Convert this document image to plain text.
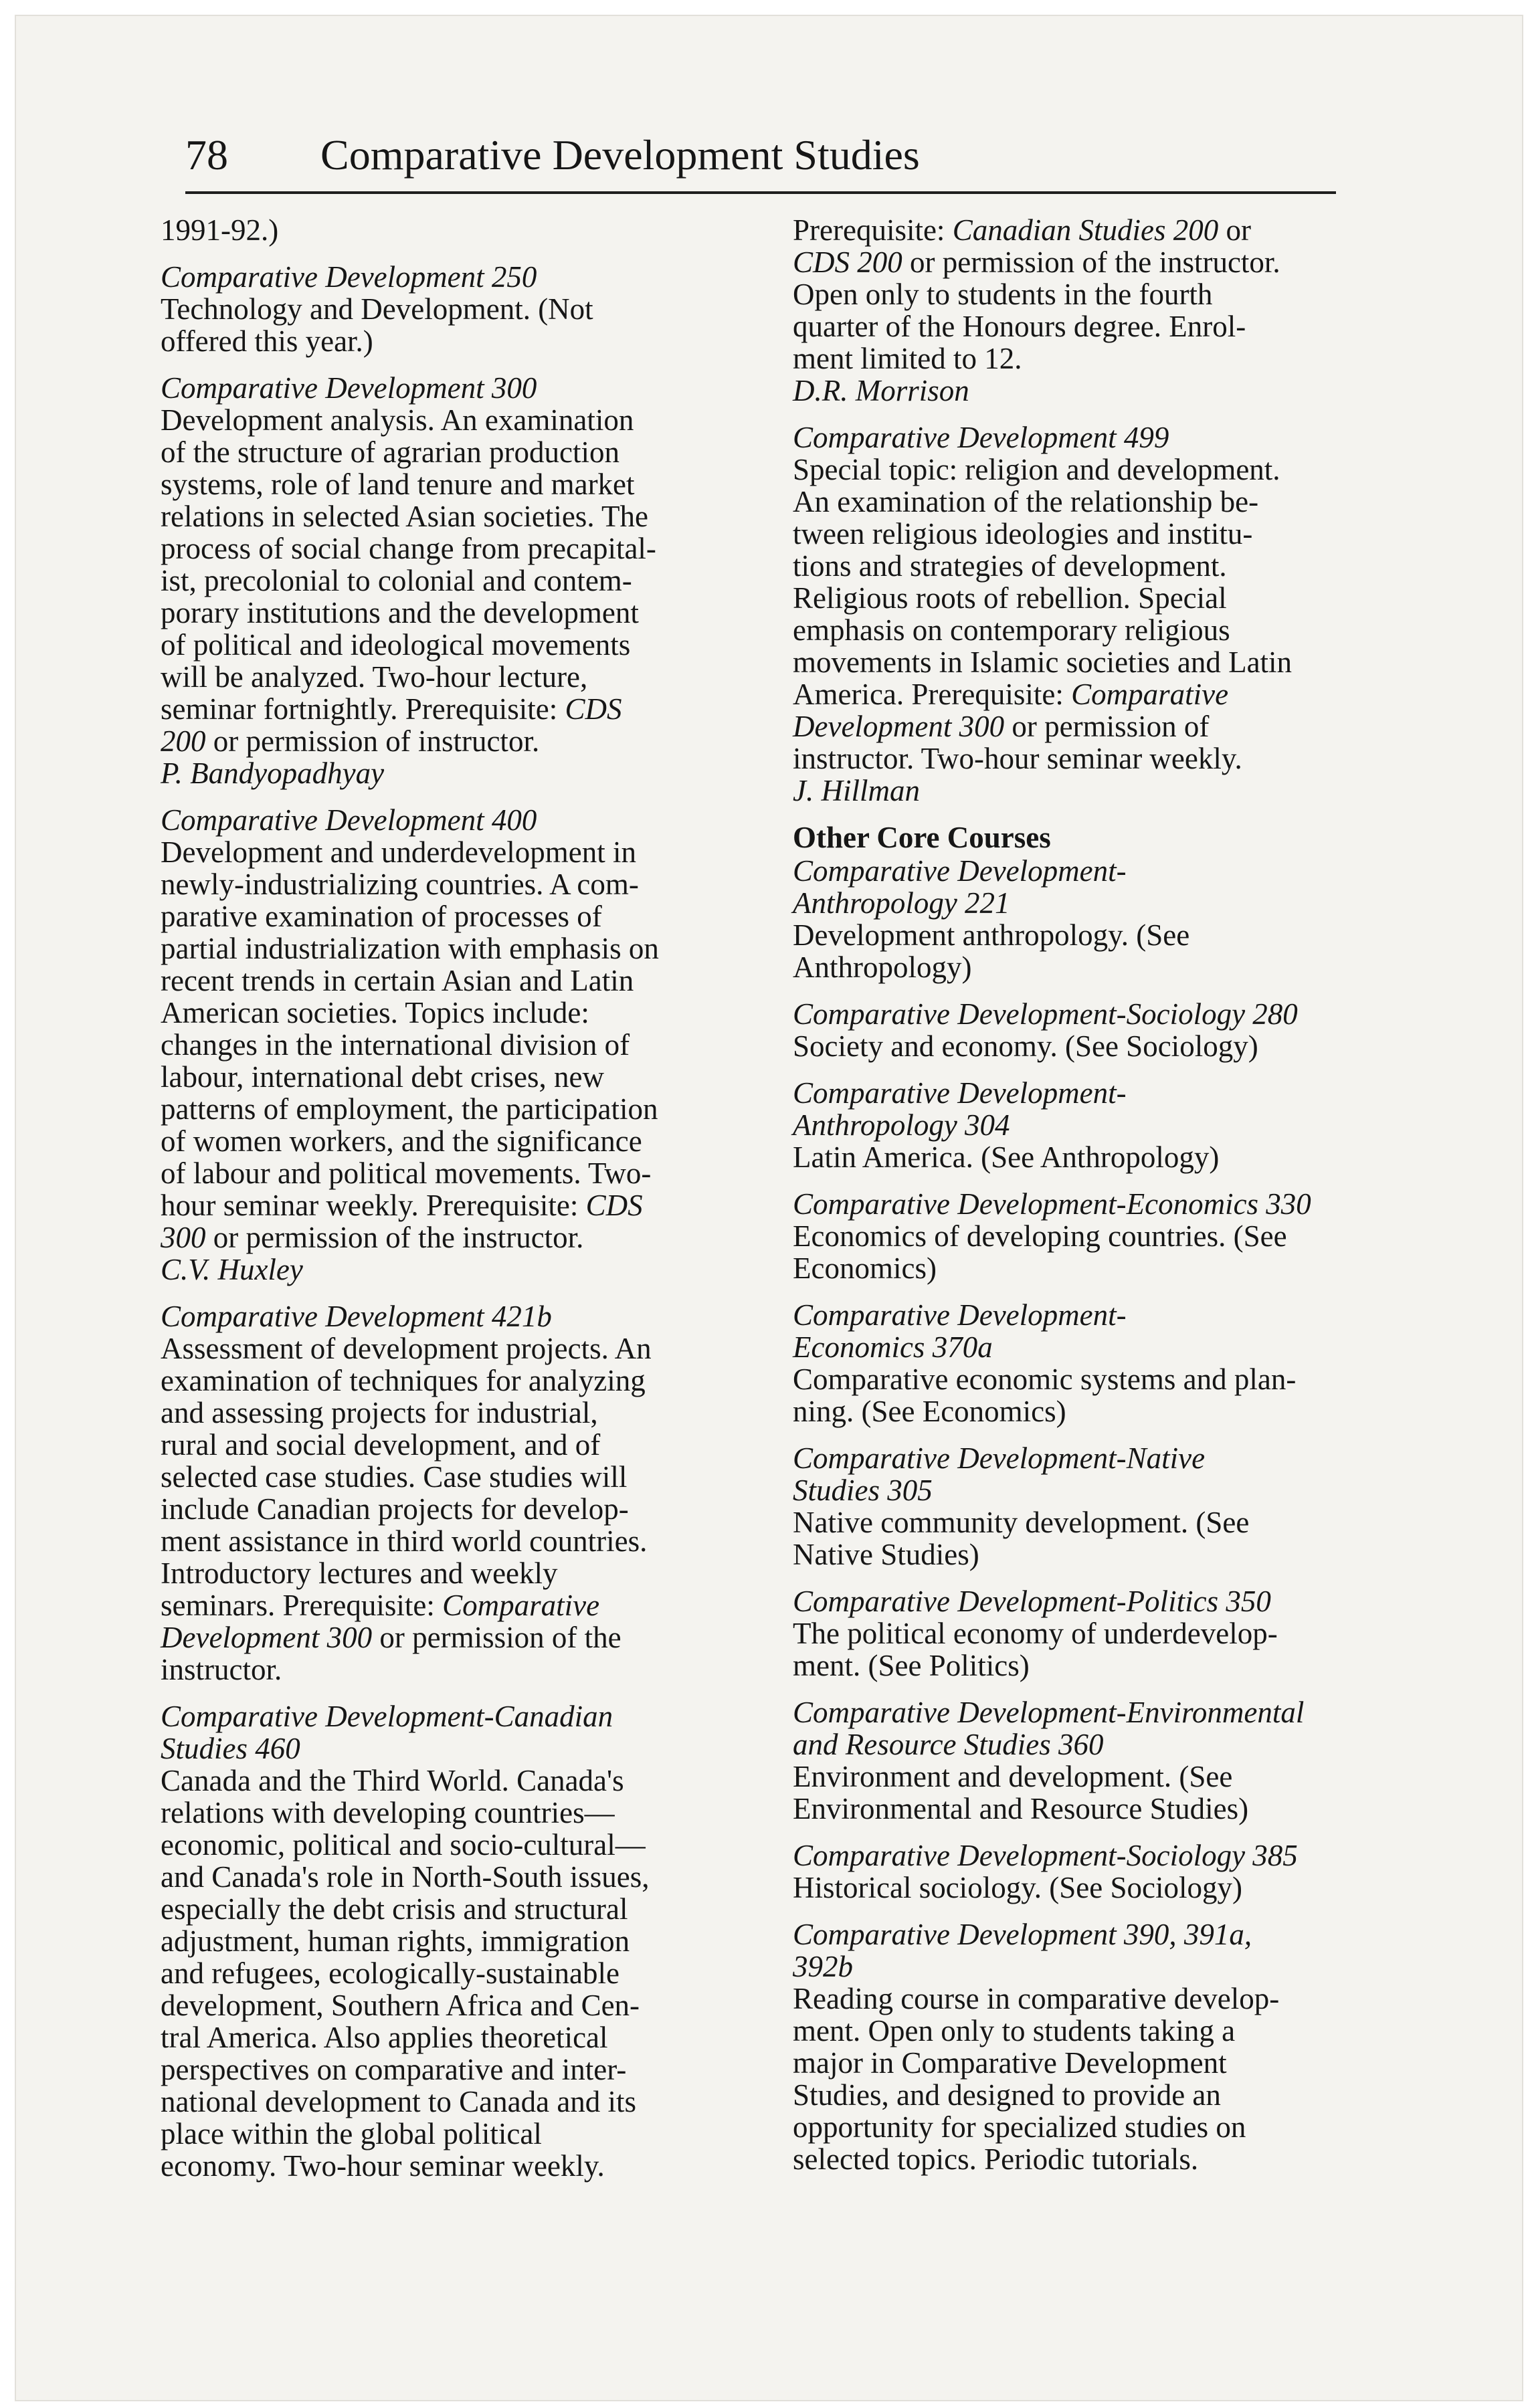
78 Comparative Development Studies
1991-92.)
Comparative Development 250
Technology and Development. (Not
offered this year.)
Comparative Development 300
Development analysis. An examination
of the structure of agrarian production
systems, role of land tenure and market
relations in selected Asian societies. The
process of social change from precapital-
ist, precolonial to colonial and contem-
porary institutions and the development
of political and ideological movements
will be analyzed. Two-hour lecture,
seminar fortnightly. Prerequisite: CDS
200 or permission of instructor.
P. Bandyopadhyay
Comparative Development 400
Development and underdevelopment in
newly-industrializing countries. A com-
parative examination of processes of
partial industrialization with emphasis on
recent trends in certain Asian and Latin
American societies. Topics include:
changes in the international division of
labour, international debt crises, new
patterns of employment, the participation
of women workers, and the significance
of labour and political movements. Two-
hour seminar weekly. Prerequisite: CDS
300 or permission of the instructor.
C.V. Huxley
Comparative Development 421b
Assessment of development projects. An
examination of techniques for analyzing
and assessing projects for industrial,
rural and social development, and of
selected case studies. Case studies will
include Canadian projects for develop-
ment assistance in third world countries.
Introductory lectures and weekly
seminars. Prerequisite: Comparative
Development 300 or permission of the
instructor.
Comparative Development-Canadian
Studies 460
Canada and the Third World. Canada's
relations with developing countries—
economic, political and socio-cultural—
and Canada's role in North-South issues,
especially the debt crisis and structural
adjustment, human rights, immigration
and refugees, ecologically-sustainable
development, Southern Africa and Cen-
tral America. Also applies theoretical
perspectives on comparative and inter-
national development to Canada and its
place within the global political
economy. Two-hour seminar weekly.
Prerequisite: Canadian Studies 200 or
CDS 200 or permission of the instructor.
Open only to students in the fourth
quarter of the Honours degree. Enrol-
ment limited to 12.
D.R. Morrison
Comparative Development 499
Special topic: religion and development.
An examination of the relationship be-
tween religious ideologies and institu-
tions and strategies of development.
Religious roots of rebellion. Special
emphasis on contemporary religious
movements in Islamic societies and Latin
America. Prerequisite: Comparative
Development 300 or permission of
instructor. Two-hour seminar weekly.
J. Hillman
Other Core Courses
Comparative Development-
Anthropology 221
Development anthropology. (See
Anthropology)
Comparative Development-Sociology 280
Society and economy. (See Sociology)
Comparative Development-
Anthropology 304
Latin America. (See Anthropology)
Comparative Development-Economics 330
Economics of developing countries. (See
Economics)
Comparative Development-
Economics 370a
Comparative economic systems and plan-
ning. (See Economics)
Comparative Development-Native
Studies 305
Native community development. (See
Native Studies)
Comparative Development-Politics 350
The political economy of underdevelop-
ment. (See Politics)
Comparative Development-Environmental
and Resource Studies 360
Environment and development. (See
Environmental and Resource Studies)
Comparative Development-Sociology 385
Historical sociology. (See Sociology)
Comparative Development 390, 391a,
392b
Reading course in comparative develop-
ment. Open only to students taking a
major in Comparative Development
Studies, and designed to provide an
opportunity for specialized studies on
selected topics. Periodic tutorials.
